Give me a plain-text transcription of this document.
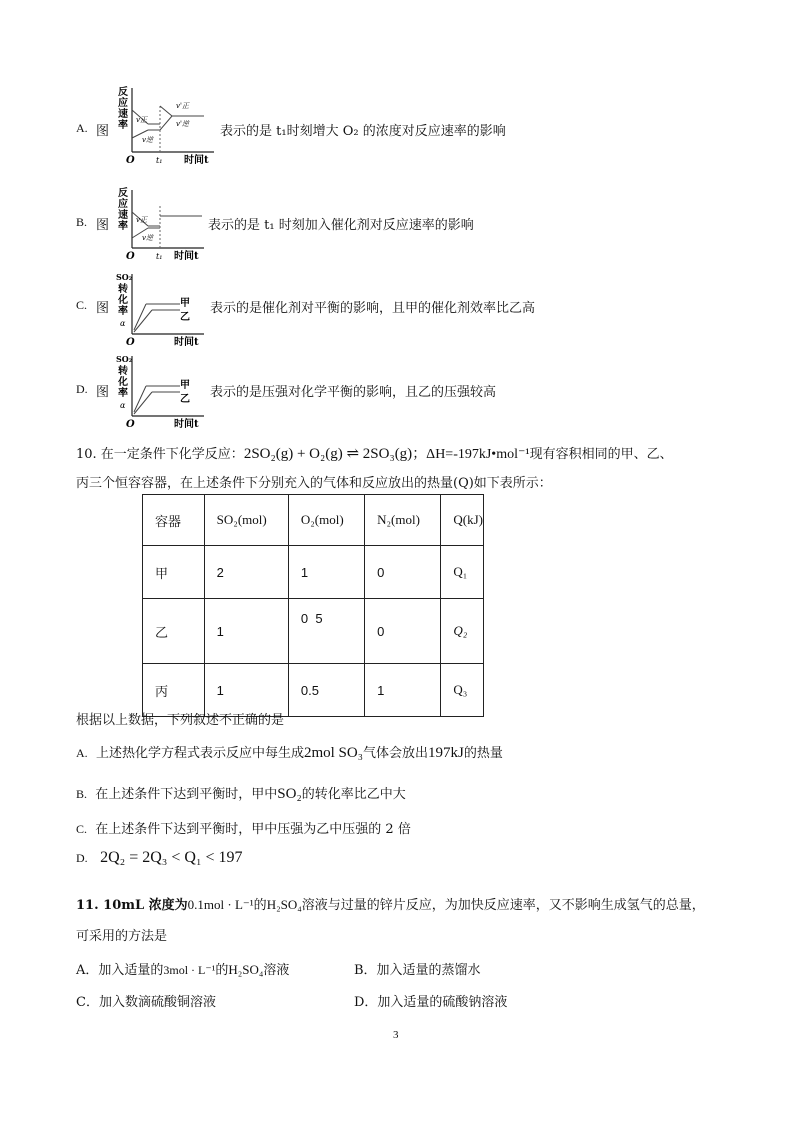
A. 图
反
应
速
率 v正
v逆
v'正
v'逆
O	t₁ 时间t
表示的是 t₁时刻增大 O₂ 的浓度对反应速率的影响
B. 图
反
应
速
率
v正
v逆
O	t₁ 时间t
表示的是 t₁ 时刻加入催化剂对反应速率的影响
C. 图
SO₂
转
化
率
α
甲
乙
O	时间t
表示的是催化剂对平衡的影响，且甲的催化剂效率比乙高
D. 图
SO₂
转
化
率
α
甲
乙
O	时间t
表示的是压强对化学平衡的影响，且乙的压强较高
10. 在一定条件下化学反应：2SO₂(g) + O₂(g) ⇌ 2SO₃(g)；ΔH=-197kJ•mol⁻¹现有容积相同的甲、乙、
丙三个恒容容器，在上述条件下分别充入的气体和反应放出的热量(Q)如下表所示：
容器	SO₂(mol)	O₂(mol)	N₂(mol)	Q(kJ)
甲	2	1	0	Q₁
乙	1	0  5	0	Q₂
丙	1	0.5	1	Q₃
根据以上数据，下列叙述不正确的是
A. 上述热化学方程式表示反应中每生成2mol SO₃气体会放出197kJ的热量
B. 在上述条件下达到平衡时，甲中SO₂的转化率比乙中大
C. 在上述条件下达到平衡时，甲中压强为乙中压强的 2 倍
D. 2Q₂ = 2Q₃ < Q₁ < 197
11. 10mL 浓度为0.1mol · L⁻¹的H₂SO₄溶液与过量的锌片反应，为加快反应速率，又不影响生成氢气的总量，
可采用的方法是
A．加入适量的3mol · L⁻¹的H₂SO₄溶液	B．加入适量的蒸馏水
C．加入数滴硫酸铜溶液	D．加入适量的硫酸钠溶液
3
